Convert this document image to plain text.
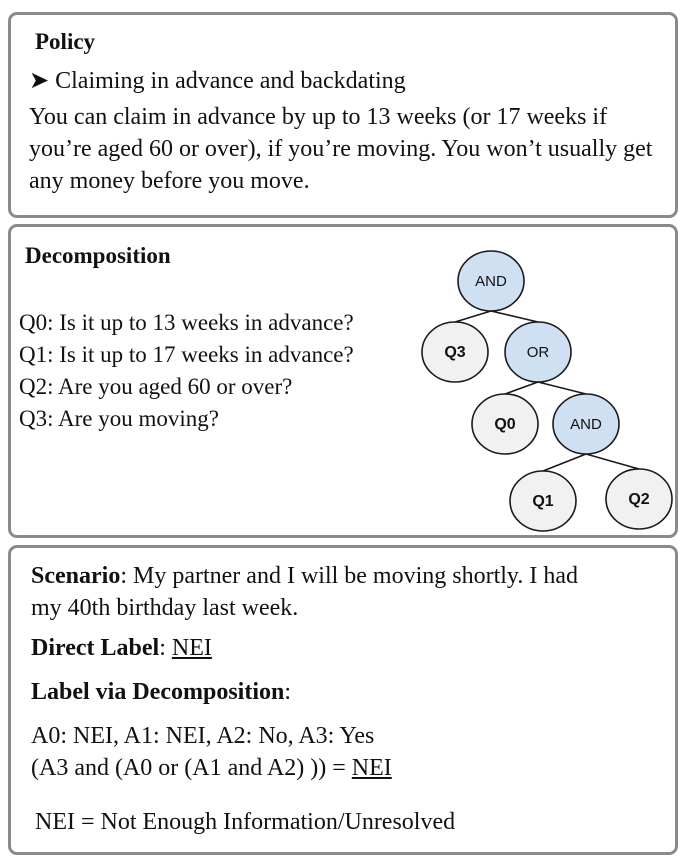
Policy
➤ Claiming in advance and backdating
You can claim in advance by up to 13 weeks (or 17 weeks if you’re aged 60 or over), if you’re moving. You won’t usually get any money before you move.
Decomposition
Q0: Is it up to 13 weeks in advance?
Q1: Is it up to 17 weeks in advance?
Q2: Are you aged 60 or over?
Q3: Are you moving?
AND
Q3	OR
Q0	AND
Q1	Q2
Scenario: My partner and I will be moving shortly. I had
my 40th birthday last week.
Direct Label: NEI
Label via Decomposition:
A0: NEI, A1: NEI, A2: No, A3: Yes
(A3 and (A0 or (A1 and A2) )) = NEI
NEI = Not Enough Information/Unresolved
